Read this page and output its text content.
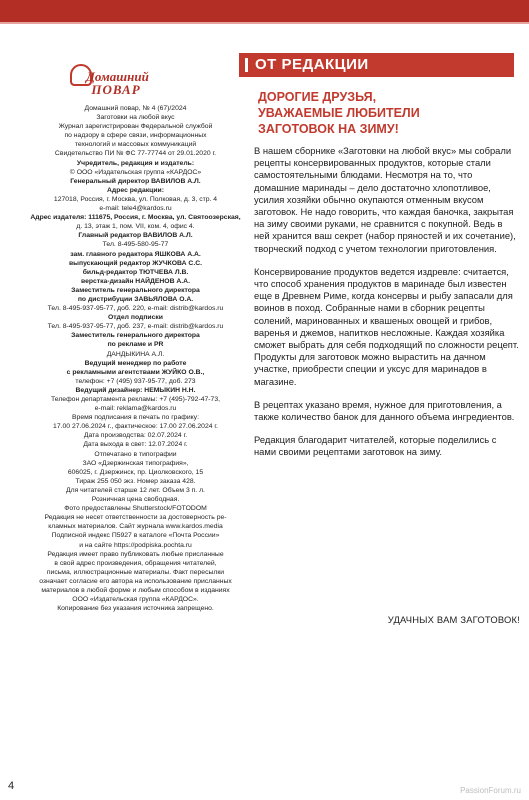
Домашний
ПОВАР
Домашний повар, № 4 (67)/2024
Заготовки на любой вкус
Журнал зарегистрирован Федеральной службой
по надзору в сфере связи, информационных
технологий и массовых коммуникаций
Свидетельство ПИ № ФС 77-77744 от 29.01.2020 г.
Учредитель, редакция и издатель:
© ООО «Издательская группа «КАРДОС»
Генеральный директор ВАВИЛОВ А.Л.
Адрес редакции:
127018, Россия, г. Москва, ул. Полковая, д. 3, стр. 4
e-mail: tele4@kardos.ru
Адрес издателя: 111675, Россия, г. Москва, ул. Святоозерская,
д. 13, этаж 1, пом. VII, ком. 4, офис 4.
Главный редактор ВАВИЛОВ А.Л.
Тел. 8-495-580-95-77
зам. главного редактора ЯШКОВА А.А.
выпускающий редактор ЖУЧКОВА С.С.
бильд-редактор ТЮТЧЕВА Л.В.
верстка-дизайн НАЙДЕНОВ А.А.
Заместитель генерального директора
по дистрибуции ЗАВЬЯЛОВА О.А.
Тел. 8-495-937-95-77, доб. 220, e-mail: distrib@kardos.ru
Отдел подписки
Тел. 8-495-937-95-77, доб. 237, e-mail: distrib@kardos.ru
Заместитель генерального директора
по рекламе и PR
ДАНДЫКИНА А.Л.
Ведущий менеджер по работе
с рекламными агентствами ЖУЙКО О.В.,
телефон: +7 (495) 937-95-77, доб. 273
Ведущий дизайнер: НЕМЫКИН Н.Н.
Телефон департамента рекламы: +7 (495)-792-47-73,
e-mail: reklama@kardos.ru
Время подписания в печать по графику:
17.00 27.06.2024 г., фактическое: 17.00 27.06.2024 г.
Дата производства: 02.07.2024 г.
Дата выхода в свет: 12.07.2024 г.
Отпечатано в типографии
ЗАО «Дзержинская типография»,
606025, г. Дзержинск, пр. Циолковского, 15
Тираж 255 050 экз. Номер заказа 428.
Для читателей старше 12 лет. Объем 3 п. л.
Розничная цена свободная.
Фото предоставлены Shutterstock/FOTODOM
Редакция не несет ответственности за достоверность ре-
кламных материалов. Сайт журнала www.kardos.media
Подписной индекс П5927 в каталоге «Почта России»
и на сайте https://podpiska.pochta.ru
Редакция имеет право публиковать любые присланные
в свой адрес произведения, обращения читателей,
письма, иллюстрационные материалы. Факт пересылки
означает согласие его автора на использование присланных
материалов в любой форме и любым способом в изданиях
ООО «Издательская группа «КАРДОС».
Копирование без указания источника запрещено.
ОТ РЕДАКЦИИ
ДОРОГИЕ ДРУЗЬЯ,
УВАЖАЕМЫЕ ЛЮБИТЕЛИ
ЗАГОТОВОК НА ЗИМУ!

В нашем сборнике «Заготовки на любой вкус» мы собрали рецепты консервированных продуктов, которые стали самостоятельными блюдами. Несмотря на то, что домашние маринады – дело достаточно хлопотливое, усилия хозяйки обычно окупаются отменным вкусом заготовок. Не надо говорить, что каждая баночка, закрытая на зиму своими руками, не сравнится с покупной. Ведь в ней хранится ваш секрет (набор пряностей и их сочетание), творческий подход с учетом технологии приготовления.

Консервирование продуктов ведется издревле: считается, что способ хранения продуктов в маринаде был известен еще в Древнем Риме, когда консервы и рыбу запасали для воинов в поход. Собранные нами в сборник рецепты солений, маринованных и квашеных овощей и грибов, варенья и джемов, напитков несложные. Каждая хозяйка сможет выбрать для себя подходящий по сложности рецепт. Продукты для заготовок можно вырастить на дачном участке, приобрести специи и уксус для маринадов в магазине.

В рецептах указано время, нужное для приготовления, а также количество банок для данного объема ингредиентов.

Редакция благодарит читателей, которые поделились с нами своими рецептами заготовок на зиму.

УДАЧНЫХ ВАМ ЗАГОТОВОК!
4	PassionForum.ru
